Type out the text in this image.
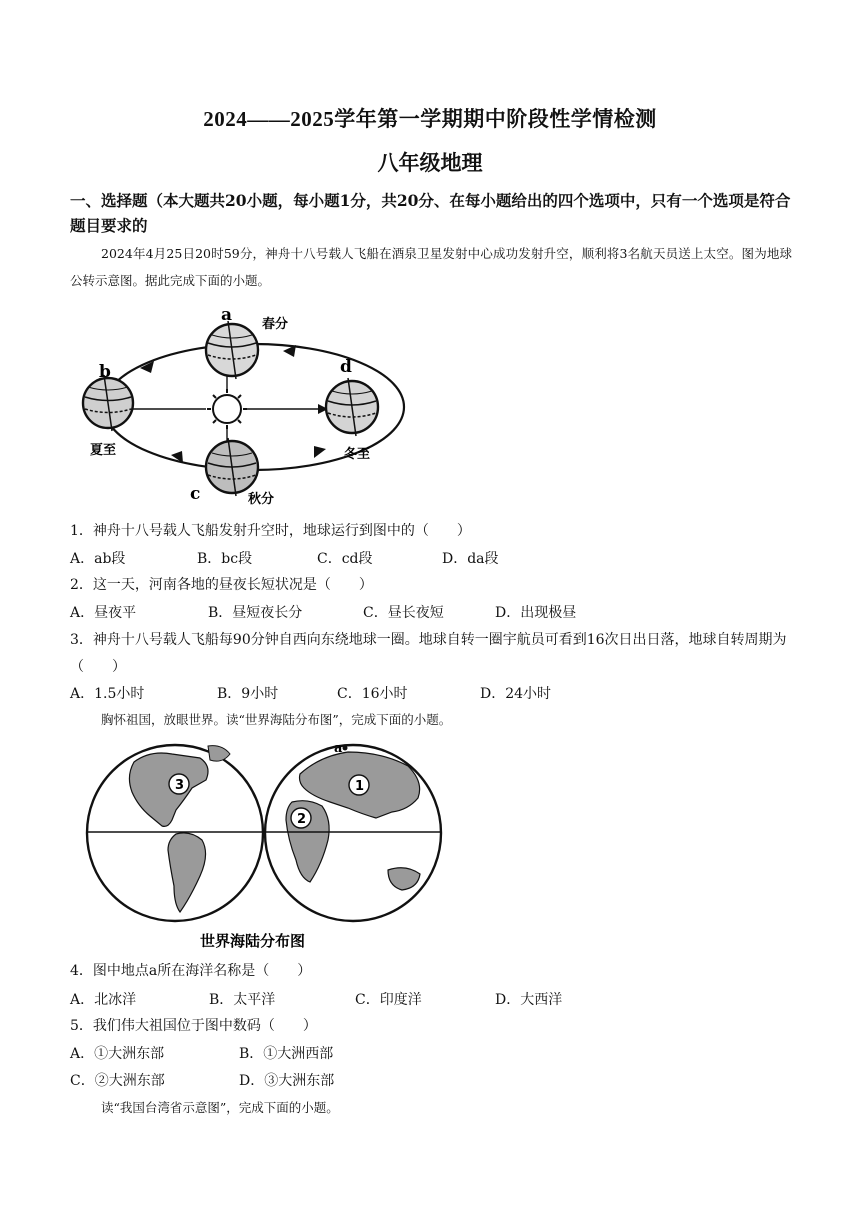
2024——2025学年第一学期期中阶段性学情检测
八年级地理
一、选择题（本大题共20小题，每小题1分，共20分、在每小题给出的四个选项中，只有一个选项是符合题目要求的
2024年4月25日20时59分，神舟十八号载人飞船在酒泉卫星发射中心成功发射升空，顺利将3名航天员送上太空。图为地球公转示意图。据此完成下面的小题。
a 春分
b
夏至
c	秋分
d
冬至
1．神舟十八号载人飞船发射升空时，地球运行到图中的（　　）
A．ab段	B．bc段	C．cd段	D．da段
2．这一天，河南各地的昼夜长短状况是（　　）
A．昼夜平	B．昼短夜长分	C．昼长夜短	D．出现极昼
3．神舟十八号载人飞船每90分钟自西向东绕地球一圈。地球自转一圈宇航员可看到16次日出日落，地球自转周期为（　　）
A．1.5小时	B．9小时	C．16小时	D．24小时
胸怀祖国，放眼世界。读“世界海陆分布图”，完成下面的小题。
3	1
2
a
世界海陆分布图
4．图中地点a所在海洋名称是（　　）
A．北冰洋	B．太平洋	C．印度洋	D．大西洋
5．我们伟大祖国位于图中数码（　　）
A．①大洲东部	B．①大洲西部
C．②大洲东部	D．③大洲东部
读“我国台湾省示意图”，完成下面的小题。
